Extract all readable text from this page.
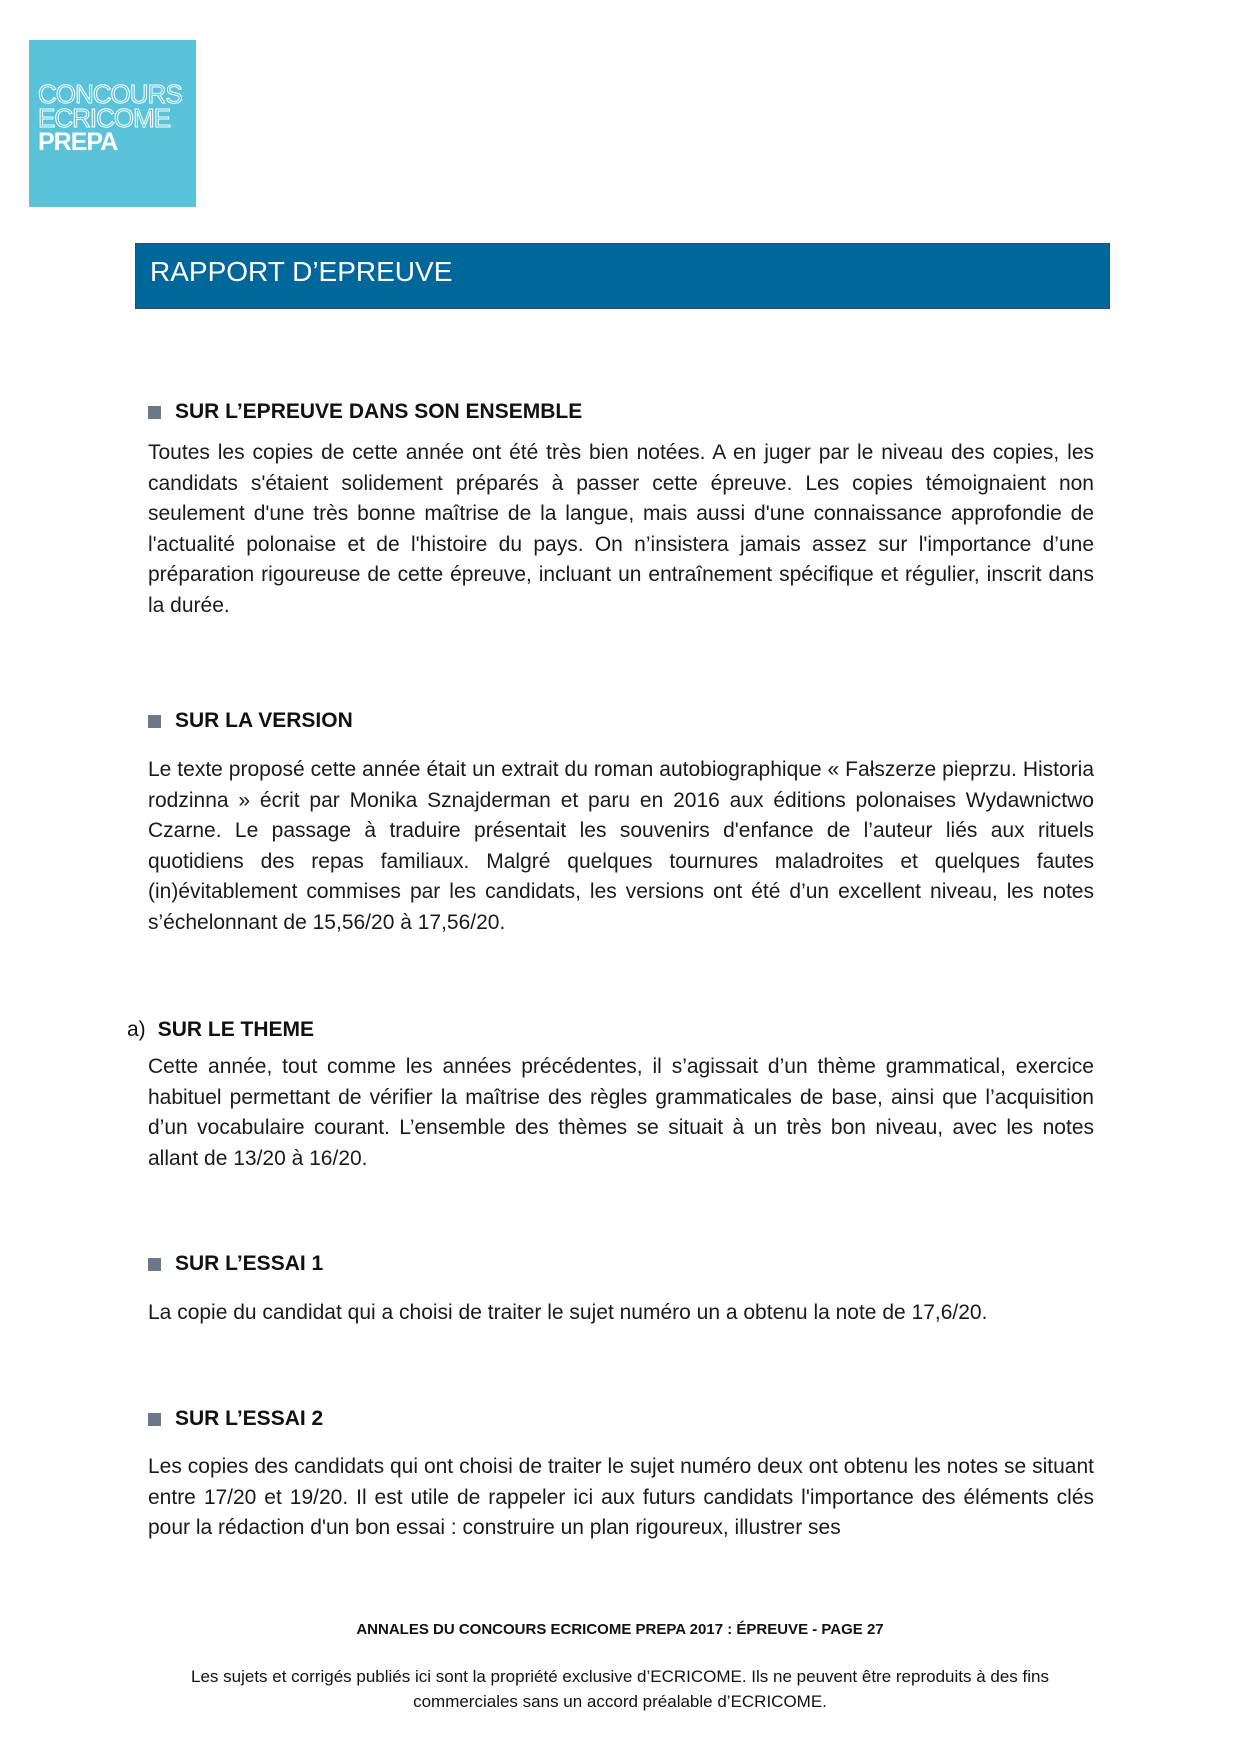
CONCOURS
ECRICOME
PREPA
RAPPORT D’EPREUVE
SUR L’EPREUVE DANS SON ENSEMBLE

Toutes les copies de cette année ont été très bien notées. A en juger par le niveau des copies, les candidats s'étaient solidement préparés à passer cette épreuve. Les copies témoignaient non seulement d'une très bonne maîtrise de la langue, mais aussi d'une connaissance approfondie de l'actualité polonaise et de l'histoire du pays. On n’insistera jamais assez sur l'importance d’une préparation rigoureuse de cette épreuve, incluant un entraînement spécifique et régulier, inscrit dans la durée.

SUR LA VERSION

Le texte proposé cette année était un extrait du roman autobiographique « Fałszerze pieprzu. Historia rodzinna » écrit par Monika Sznajderman et paru en 2016 aux éditions polonaises Wydawnictwo Czarne. Le passage à traduire présentait les souvenirs d'enfance de l’auteur liés aux rituels quotidiens des repas familiaux. Malgré quelques tournures maladroites et quelques fautes (in)évitablement commises par les candidats, les versions ont été d’un excellent niveau, les notes s’échelonnant de 15,56/20 à 17,56/20.

a) SUR LE THEME

Cette année, tout comme les années précédentes, il s’agissait d’un thème grammatical, exercice habituel permettant de vérifier la maîtrise des règles grammaticales de base, ainsi que l’acquisition d’un vocabulaire courant. L’ensemble des thèmes se situait à un très bon niveau, avec les notes allant de 13/20 à 16/20.

SUR L’ESSAI 1

La copie du candidat qui a choisi de traiter le sujet numéro un a obtenu la note de 17,6/20.

SUR L’ESSAI 2

Les copies des candidats qui ont choisi de traiter le sujet numéro deux ont obtenu les notes se situant entre 17/20 et 19/20. Il est utile de rappeler ici aux futurs candidats l'importance des éléments clés pour la rédaction d'un bon essai : construire un plan rigoureux, illustrer ses

ANNALES DU CONCOURS ECRICOME PREPA 2017 : ÉPREUVE - PAGE 27
Les sujets et corrigés publiés ici sont la propriété exclusive d’ECRICOME. Ils ne peuvent être reproduits à des fins commerciales sans un accord préalable d’ECRICOME.
